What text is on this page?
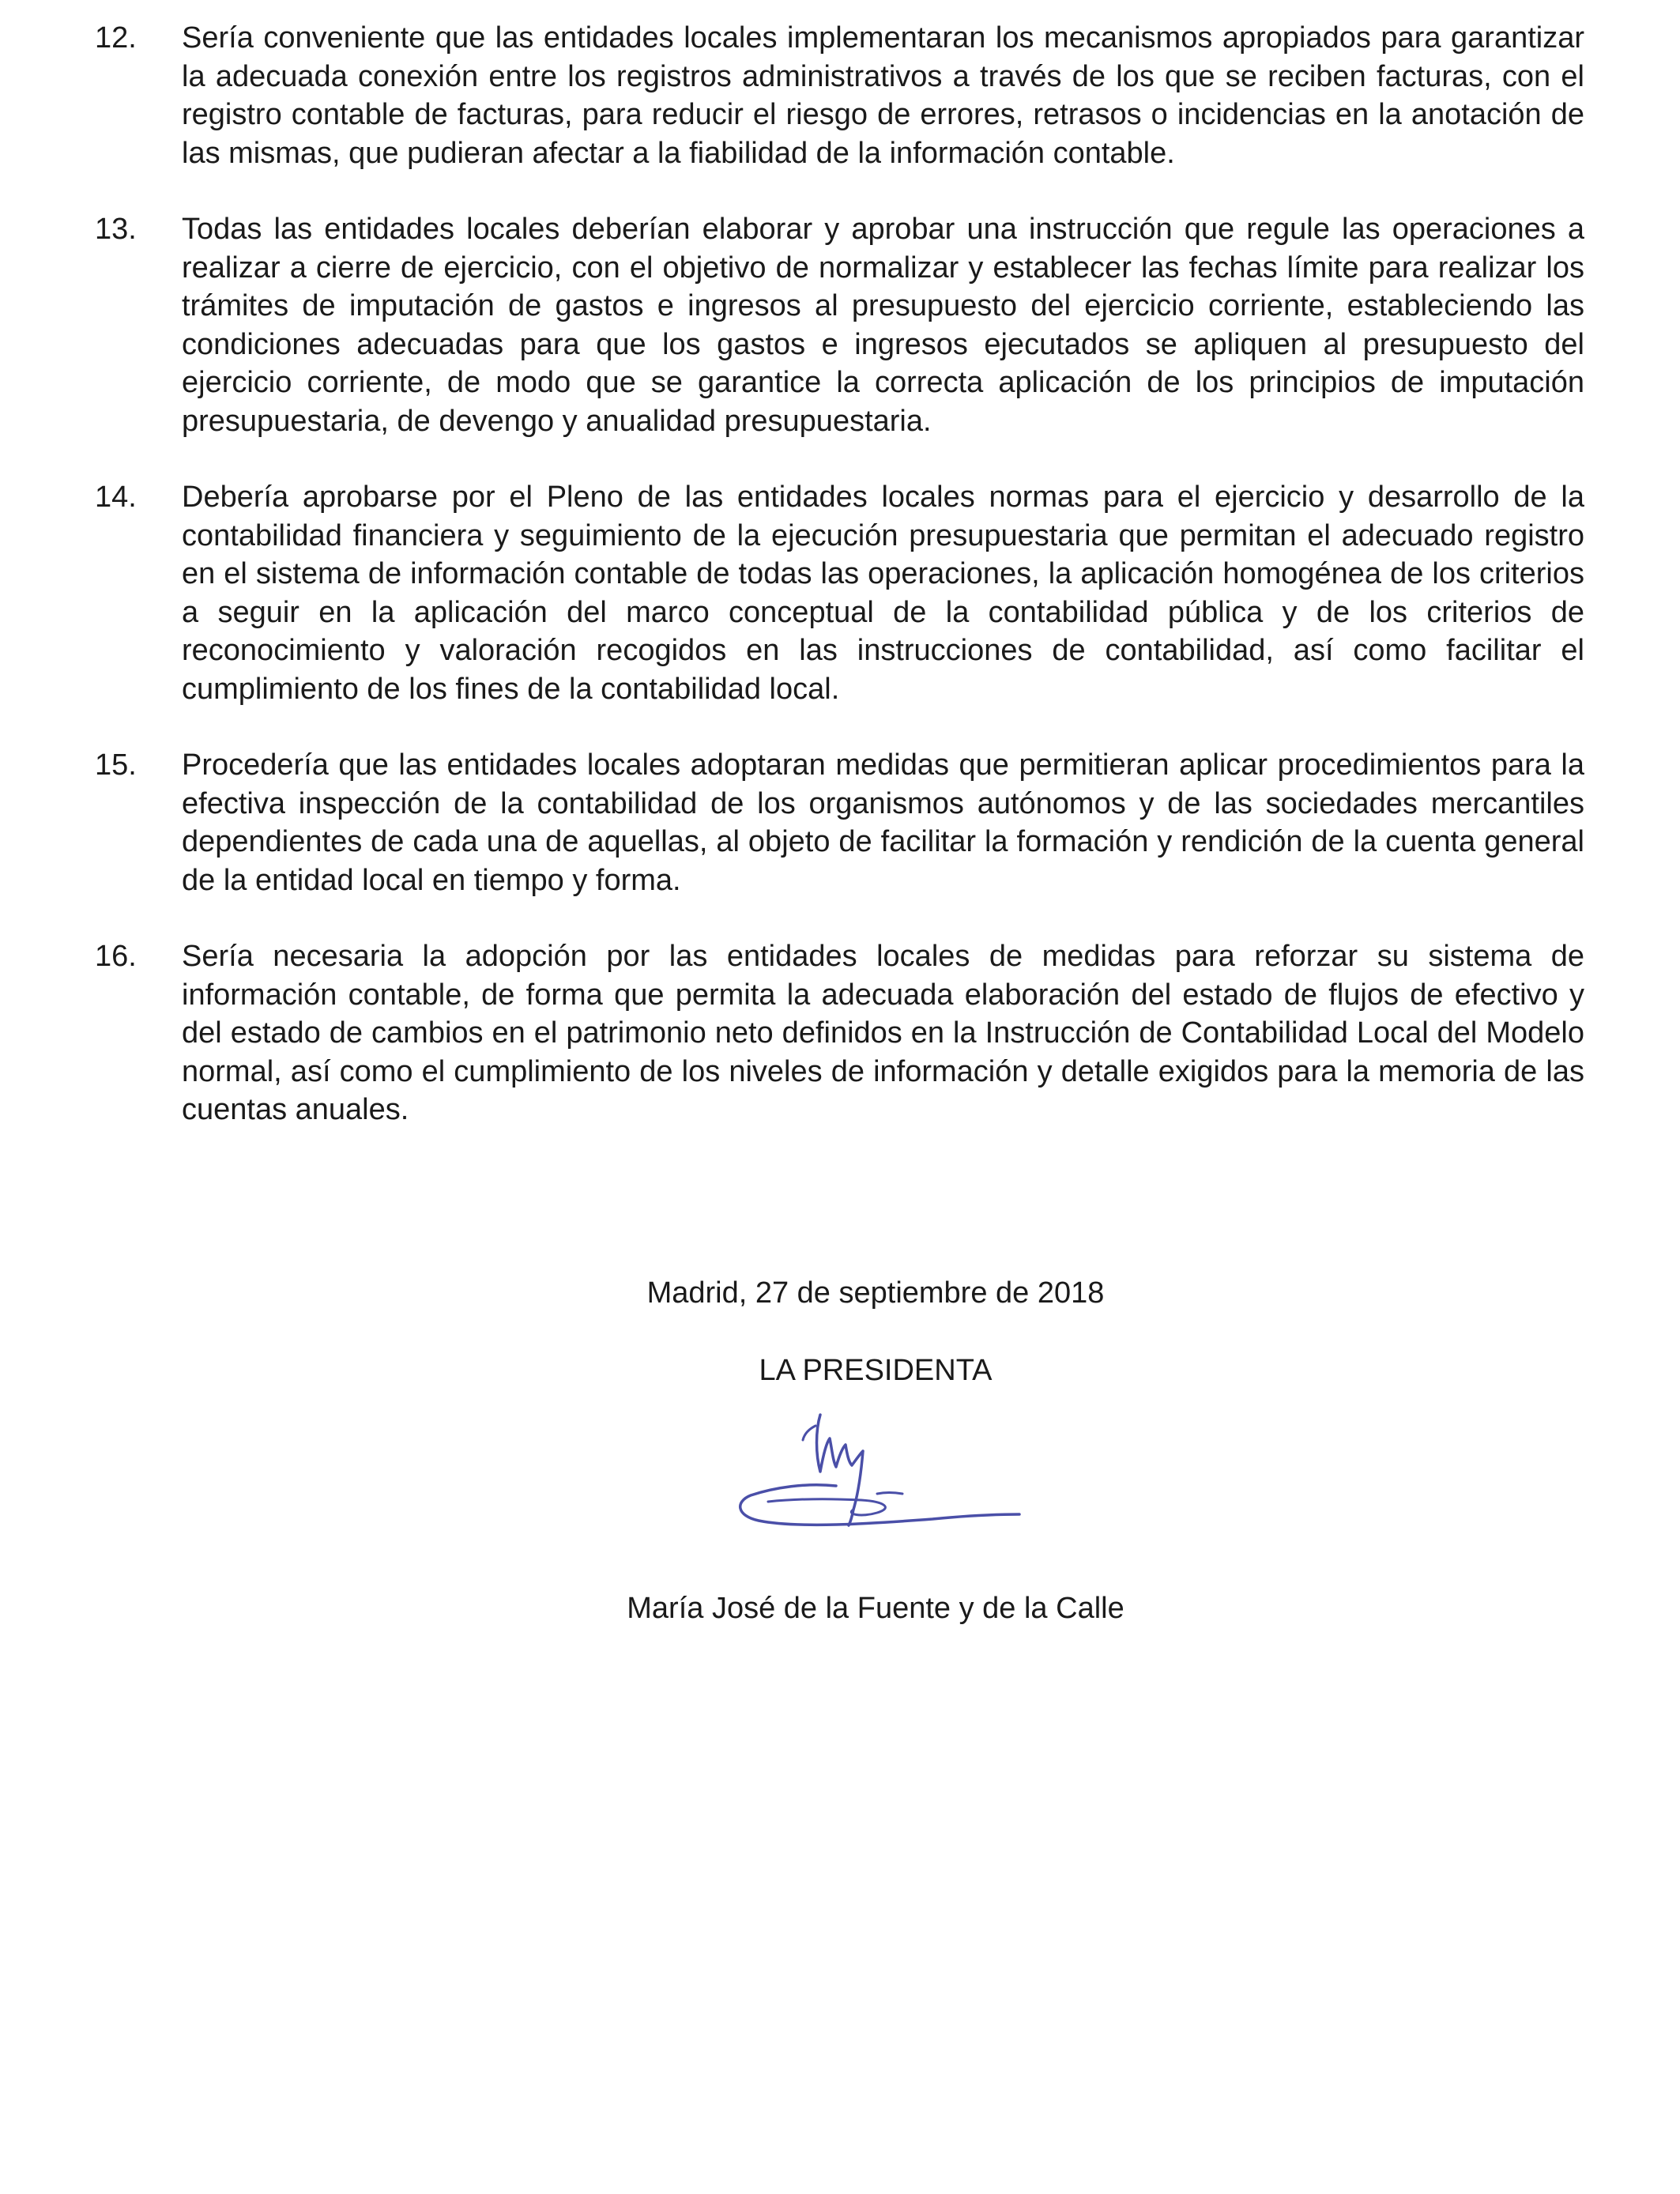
12.	Sería conveniente que las entidades locales implementaran los mecanismos apropiados para garantizar la adecuada conexión entre los registros administrativos a través de los que se reciben facturas, con el registro contable de facturas, para reducir el riesgo de errores, retrasos o incidencias en la anotación de las mismas, que pudieran afectar a la fiabilidad de la información contable.
13.	Todas las entidades locales deberían elaborar y aprobar una instrucción que regule las operaciones a realizar a cierre de ejercicio, con el objetivo de normalizar y establecer las fechas límite para realizar los trámites de imputación de gastos e ingresos al presupuesto del ejercicio corriente, estableciendo las condiciones adecuadas para que los gastos e ingresos ejecutados se apliquen al presupuesto del ejercicio corriente, de modo que se garantice la correcta aplicación de los principios de imputación presupuestaria, de devengo y anualidad presupuestaria.
14.	Debería aprobarse por el Pleno de las entidades locales normas para el ejercicio y desarrollo de la contabilidad financiera y seguimiento de la ejecución presupuestaria que permitan el adecuado registro en el sistema de información contable de todas las operaciones, la aplicación homogénea de los criterios a seguir en la aplicación del marco conceptual de la contabilidad pública y de los criterios de reconocimiento y valoración recogidos en las instrucciones de contabilidad, así como facilitar el cumplimiento de los fines de la contabilidad local.
15.	Procedería que las entidades locales adoptaran medidas que permitieran aplicar procedimientos para la efectiva inspección de la contabilidad de los organismos autónomos y de las sociedades mercantiles dependientes de cada una de aquellas, al objeto de facilitar la formación y rendición de la cuenta general de la entidad local en tiempo y forma.
16.	Sería necesaria la adopción por las entidades locales de medidas para reforzar su sistema de información contable, de forma que permita la adecuada elaboración del estado de flujos de efectivo y del estado de cambios en el patrimonio neto definidos en la Instrucción de Contabilidad Local del Modelo normal, así como el cumplimiento de los niveles de información y detalle exigidos para la memoria de las cuentas anuales.
Madrid, 27 de septiembre de 2018
LA PRESIDENTA
María José de la Fuente y de la Calle
